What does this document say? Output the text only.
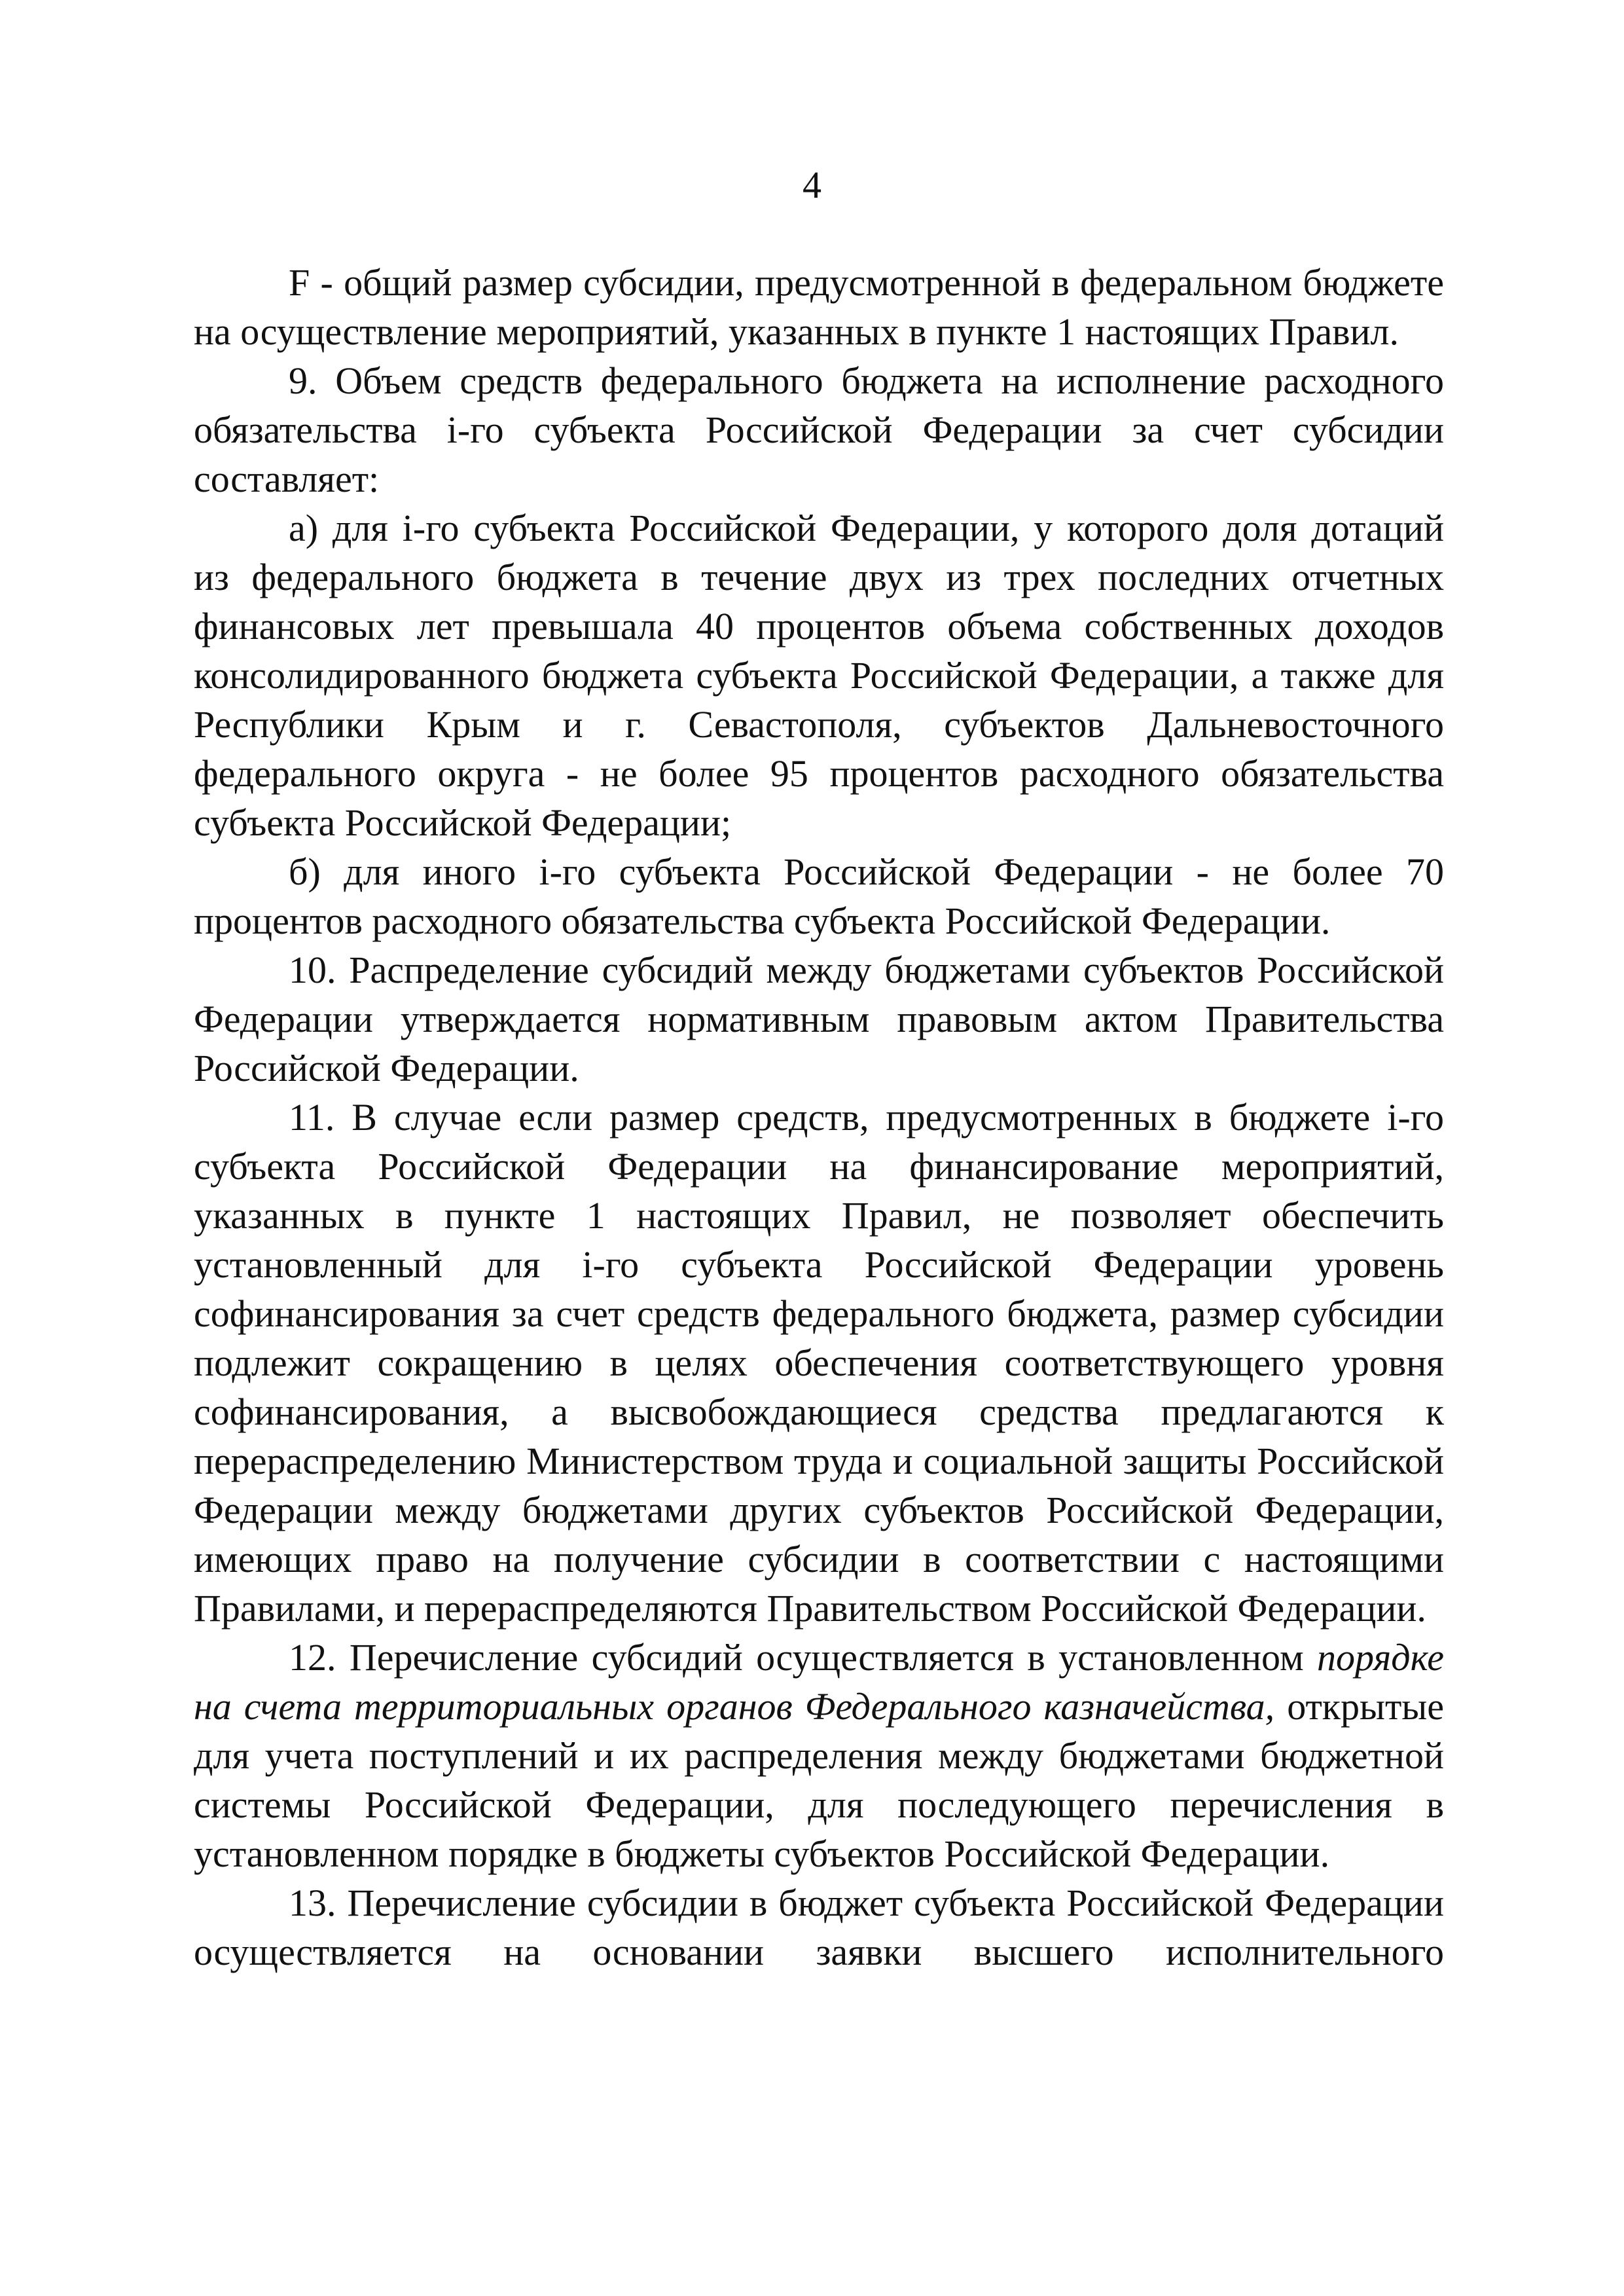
4

F - общий размер субсидии, предусмотренной в федеральном бюджете на осуществление мероприятий, указанных в пункте 1 настоящих Правил.

9. Объем средств федерального бюджета на исполнение расходного обязательства i-го субъекта Российской Федерации за счет субсидии составляет:

а) для i-го субъекта Российской Федерации, у которого доля дотаций из федерального бюджета в течение двух из трех последних отчетных финансовых лет превышала 40 процентов объема собственных доходов консолидированного бюджета субъекта Российской Федерации, а также для Республики Крым и г. Севастополя, субъектов Дальневосточного федерального округа - не более 95 процентов расходного обязательства субъекта Российской Федерации;

б) для иного i-го субъекта Российской Федерации - не более 70 процентов расходного обязательства субъекта Российской Федерации.

10. Распределение субсидий между бюджетами субъектов Российской Федерации утверждается нормативным правовым актом Правительства Российской Федерации.

11. В случае если размер средств, предусмотренных в бюджете i-го субъекта Российской Федерации на финансирование мероприятий, указанных в пункте 1 настоящих Правил, не позволяет обеспечить установленный для i-го субъекта Российской Федерации уровень софинансирования за счет средств федерального бюджета, размер субсидии подлежит сокращению в целях обеспечения соответствующего уровня софинансирования, а высвобождающиеся средства предлагаются к перераспределению Министерством труда и социальной защиты Российской Федерации между бюджетами других субъектов Российской Федерации, имеющих право на получение субсидии в соответствии с настоящими Правилами, и перераспределяются Правительством Российской Федерации.

12. Перечисление субсидий осуществляется в установленном порядке на счета территориальных органов Федерального казначейства, открытые для учета поступлений и их распределения между бюджетами бюджетной системы Российской Федерации, для последующего перечисления в установленном порядке в бюджеты субъектов Российской Федерации.

13. Перечисление субсидии в бюджет субъекта Российской Федерации осуществляется на основании заявки высшего исполнительного
